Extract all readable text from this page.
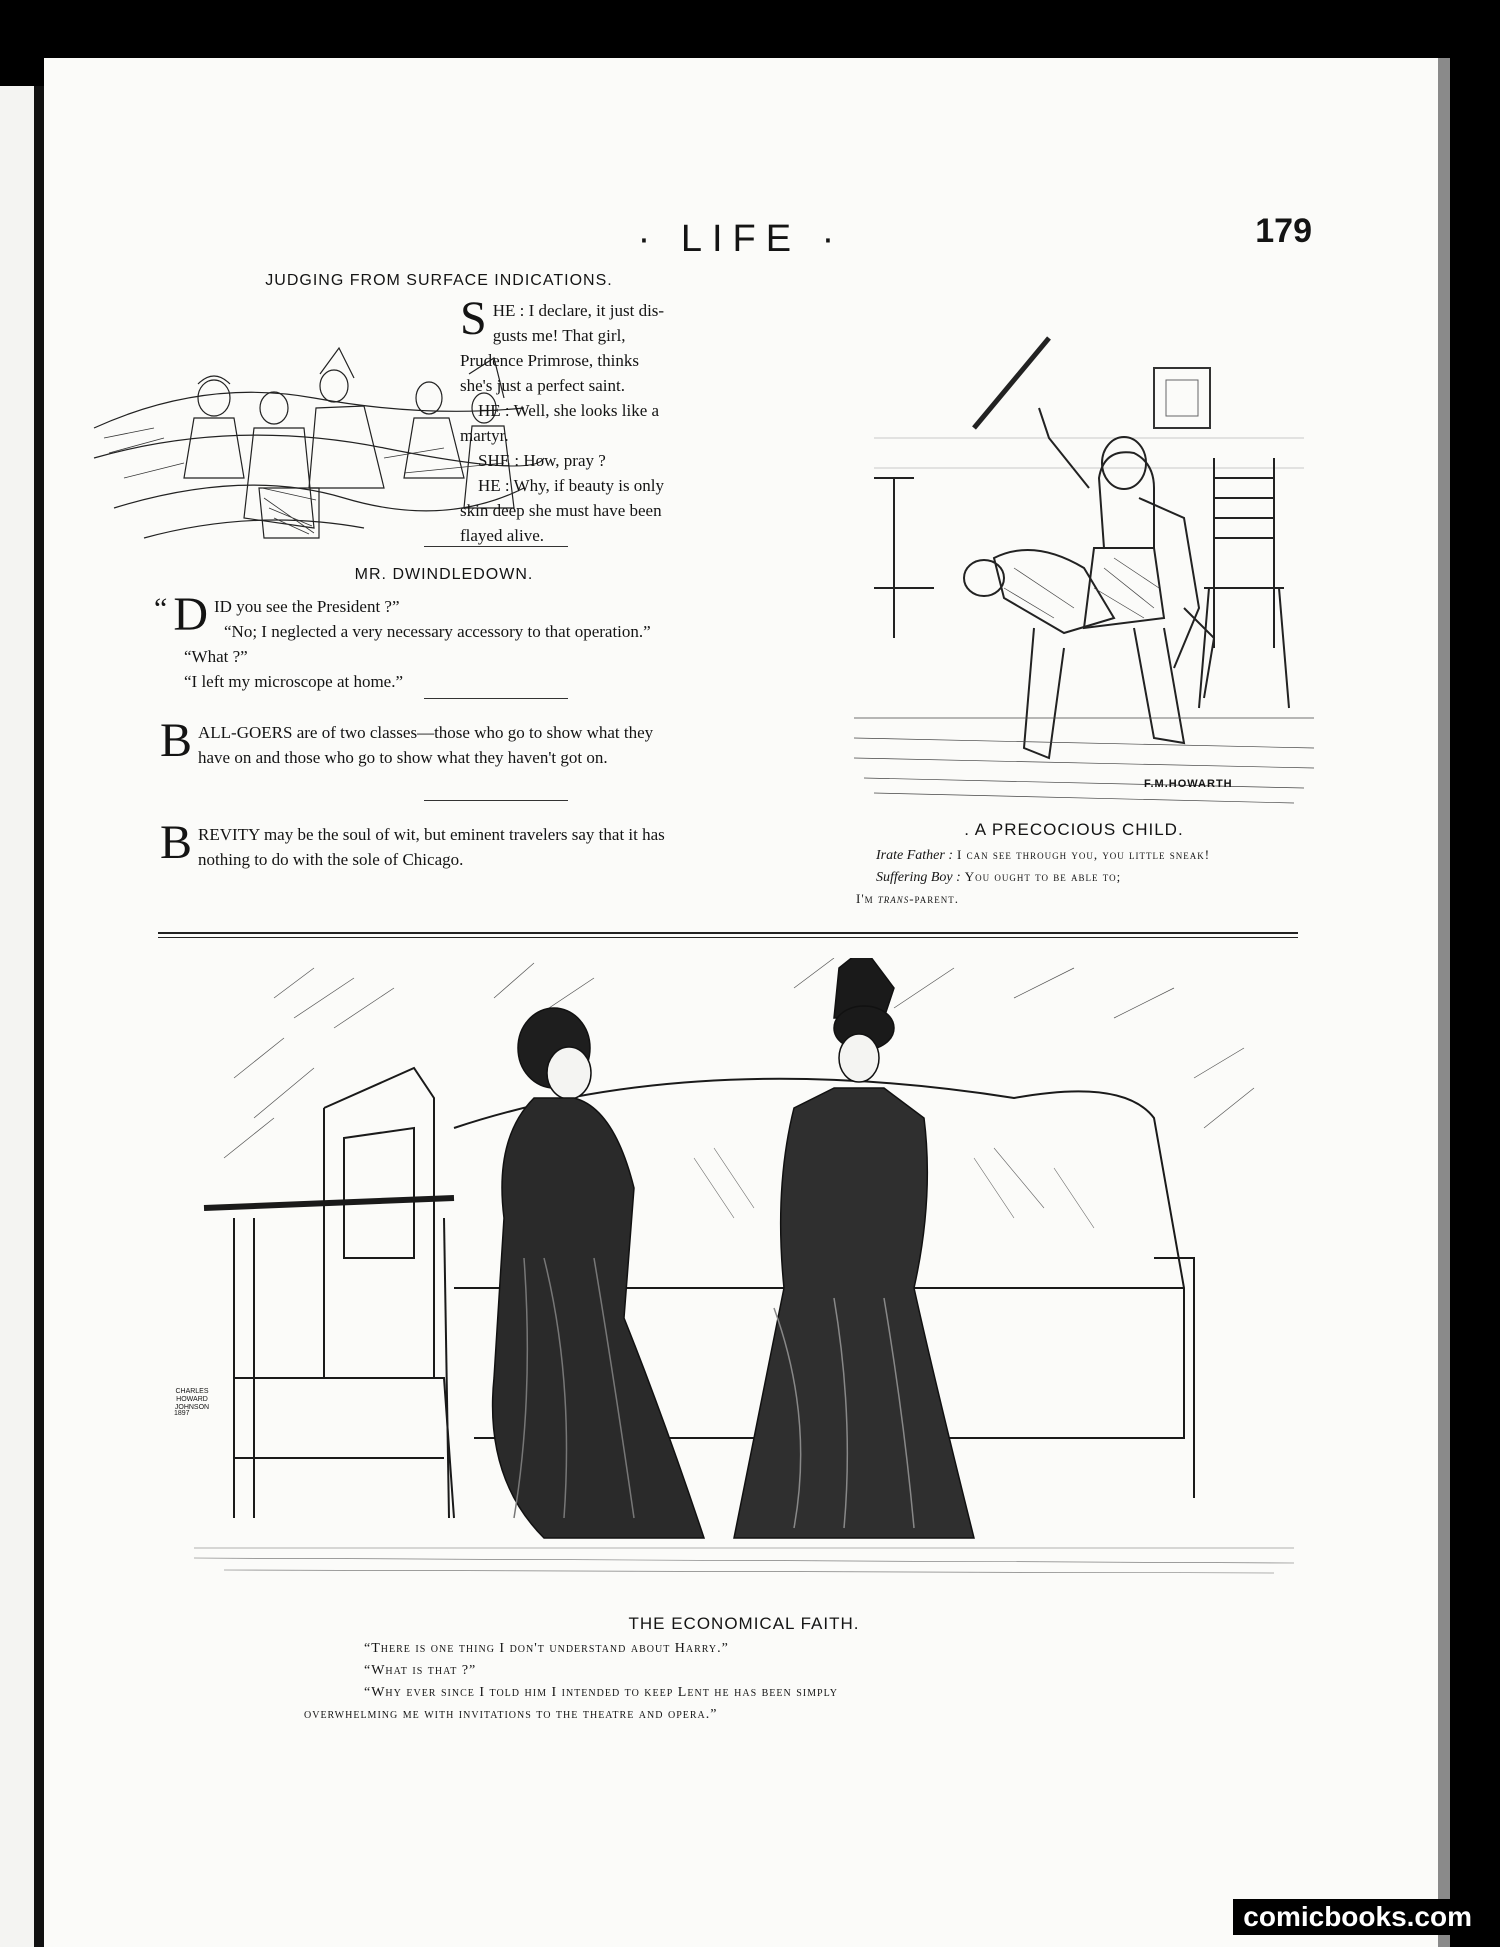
· LIFE ·	179
JUDGING FROM SURFACE INDICATIONS.
S HE : I declare, it just dis-
gusts me! That girl,
Prudence Primrose, thinks
she's just a perfect saint.
HE : Well, she looks like a
martyr.
SHE : How, pray ?
HE : Why, if beauty is only
skin deep she must have been
flayed alive.
MR. DWINDLEDOWN.
“ D ID you see the President ?”
“No; I neglected a very necessary accessory to that operation.”
“What ?”
“I left my microscope at home.”
B ALL-GOERS are of two classes—those who go to show what they
have on and those who go to show what they haven't got on.
B REVITY may be the soul of wit, but eminent travelers say that it has
nothing to do with the sole of Chicago.
F.M.HOWARTH
. A PRECOCIOUS CHILD.
Irate Father : I can see through you, you little sneak!
Suffering Boy : You ought to be able to;
I'm trans-parent.
CHARLES HOWARD JOHNSON
1897
THE ECONOMICAL FAITH.
“There is one thing I don't understand about Harry.”
“What is that ?”
“Why ever since I told him I intended to keep Lent he has been simply
overwhelming me with invitations to the theatre and opera.”
comicbooks.com
